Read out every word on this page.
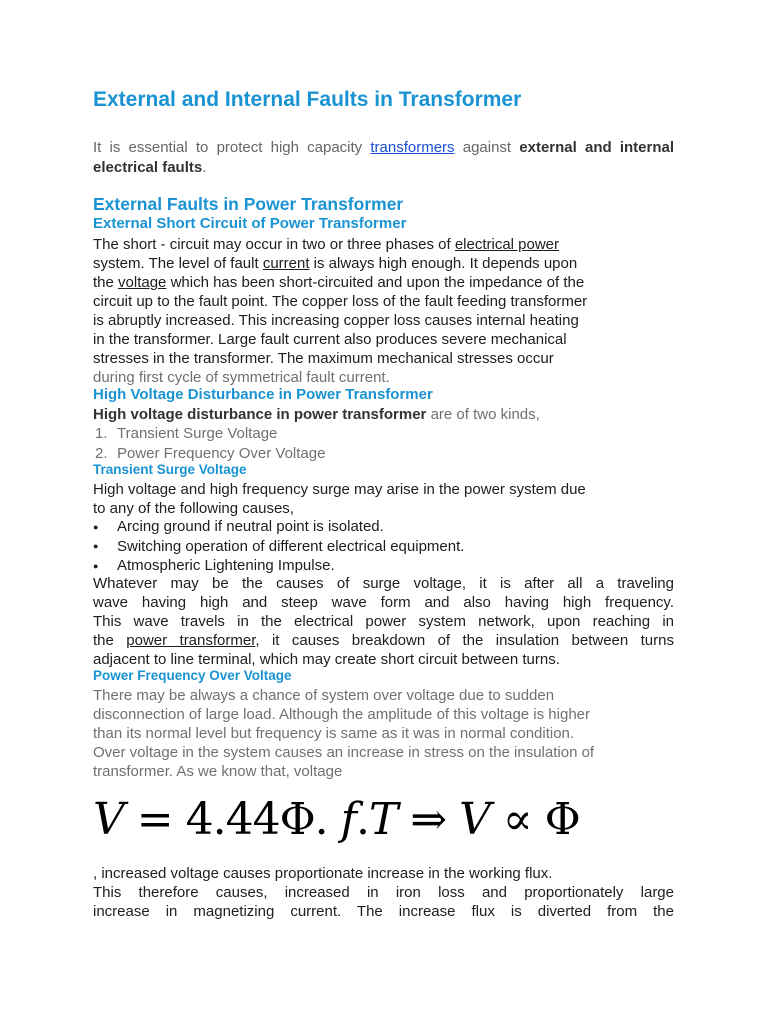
External and Internal Faults in Transformer
It is essential to protect high capacity transformers against external and internal electrical faults.
External Faults in Power Transformer
External Short Circuit of Power Transformer
The short - circuit may occur in two or three phases of electrical power
system. The level of fault current is always high enough. It depends upon
the voltage which has been short-circuited and upon the impedance of the
circuit up to the fault point. The copper loss of the fault feeding transformer
is abruptly increased. This increasing copper loss causes internal heating
in the transformer. Large fault current also produces severe mechanical
stresses in the transformer. The maximum mechanical stresses occur
during first cycle of symmetrical fault current.
High Voltage Disturbance in Power Transformer
High voltage disturbance in power transformer are of two kinds,
1. Transient Surge Voltage
2. Power Frequency Over Voltage
Transient Surge Voltage
High voltage and high frequency surge may arise in the power system due
to any of the following causes,
● Arcing ground if neutral point is isolated.
● Switching operation of different electrical equipment.
● Atmospheric Lightening Impulse.
Whatever may be the causes of surge voltage, it is after all a traveling
wave having high and steep wave form and also having high frequency.
This wave travels in the electrical power system network, upon reaching in
the power transformer, it causes breakdown of the insulation between turns
adjacent to line terminal, which may create short circuit between turns.
Power Frequency Over Voltage
There may be always a chance of system over voltage due to sudden
disconnection of large load. Although the amplitude of this voltage is higher
than its normal level but frequency is same as it was in normal condition.
Over voltage in the system causes an increase in stress on the insulation of
transformer. As we know that, voltage
V = 4.44Φ. f.T ⇒ V ∝ Φ
, increased voltage causes proportionate increase in the working flux.
This therefore causes, increased in iron loss and proportionately large
increase in magnetizing current. The increase flux is diverted from the
